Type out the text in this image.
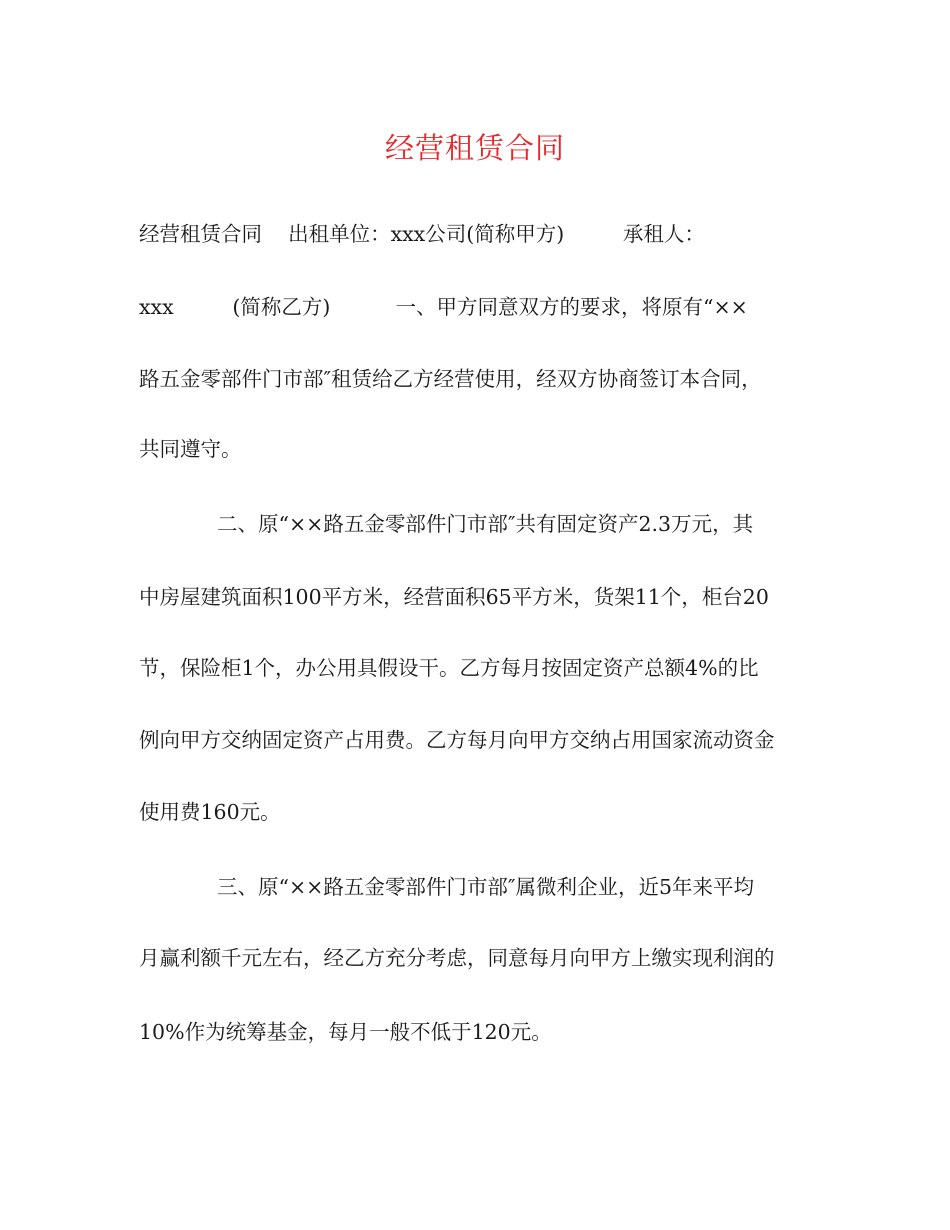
经营租赁合同
经营租赁合同    出租单位：xxx公司(简称甲方)         承租人：
xxx         (简称乙方)          一、甲方同意双方的要求，将原有“××
路五金零部件门市部″租赁给乙方经营使用，经双方协商签订本合同，
共同遵守。
二、原“××路五金零部件门市部″共有固定资产2.3万元，其
中房屋建筑面积100平方米，经营面积65平方米，货架11个，柜台20
节，保险柜1个，办公用具假设干。乙方每月按固定资产总额4%的比
例向甲方交纳固定资产占用费。乙方每月向甲方交纳占用国家流动资金
使用费160元。
三、原“××路五金零部件门市部″属微利企业，近5年来平均
月赢利额千元左右，经乙方充分考虑，同意每月向甲方上缴实现利润的
10%作为统筹基金，每月一般不低于120元。
